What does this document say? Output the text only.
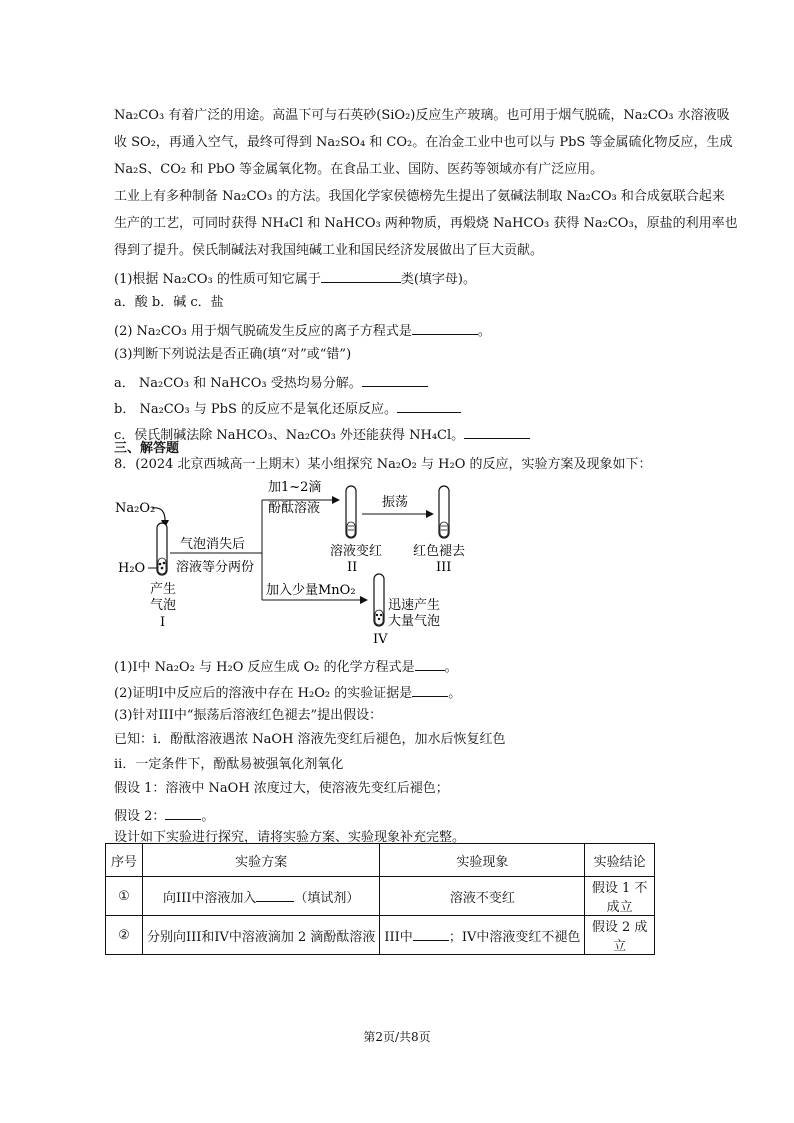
Na₂CO₃ 有着广泛的用途。高温下可与石英砂(SiO₂)反应生产玻璃。也可用于烟气脱硫，Na₂CO₃ 水溶液吸
收 SO₂，再通入空气，最终可得到 Na₂SO₄ 和 CO₂。在冶金工业中也可以与 PbS 等金属硫化物反应，生成
Na₂S、CO₂ 和 PbO 等金属氧化物。在食品工业、国防、医药等领域亦有广泛应用。
工业上有多种制备 Na₂CO₃ 的方法。我国化学家侯德榜先生提出了氨碱法制取 Na₂CO₃ 和合成氨联合起来
生产的工艺，可同时获得 NH₄Cl 和 NaHCO₃ 两种物质，再煅烧 NaHCO₃ 获得 Na₂CO₃，原盐的利用率也
得到了提升。侯氏制碱法对我国纯碱工业和国民经济发展做出了巨大贡献。
(1)根据 Na₂CO₃ 的性质可知它属于	类(填字母)。
a．酸 b．碱 c．盐
(2) Na₂CO₃ 用于烟气脱硫发生反应的离子方程式是	。
(3)判断下列说法是否正确(填“对”或“错”)
a． Na₂CO₃ 和 NaHCO₃ 受热均易分解。
b． Na₂CO₃ 与 PbS 的反应不是氧化还原反应。
c．侯氏制碱法除 NaHCO₃、Na₂CO₃ 外还能获得 NH₄Cl。
三、解答题
8．(2024 北京西城高一上期末）某小组探究 Na₂O₂ 与 H₂O 的反应，实验方案及现象如下：
Na₂O₂
H₂O
产生
气泡
I
气泡消失后
溶液等分两份
加1~2滴
酚酞溶液
溶液变红
II
振荡
红色褪去
III
加入少量MnO₂
迅速产生
大量气泡
IV
(1)I中 Na₂O₂ 与 H₂O 反应生成 O₂ 的化学方程式是 。
(2)证明I中反应后的溶液中存在 H₂O₂ 的实验证据是	。
(3)针对III中“振荡后溶液红色褪去”提出假设：
已知：i．酚酞溶液遇浓 NaOH 溶液先变红后褪色，加水后恢复红色
ii．一定条件下，酚酞易被强氧化剂氧化
假设 1：溶液中 NaOH 浓度过大，使溶液先变红后褪色；
假设 2：	。
设计如下实验进行探究，请将实验方案、实验现象补充完整。
序号	实验方案	实验现象	实验结论
①	向III中溶液加入 （填试剂）	溶液不变红	假设 1 不成立
②	分别向III和IV中溶液滴加 2 滴酚酞溶液	III中 ；IV中溶液变红不褪色	假设 2 成立
第2页/共8页
